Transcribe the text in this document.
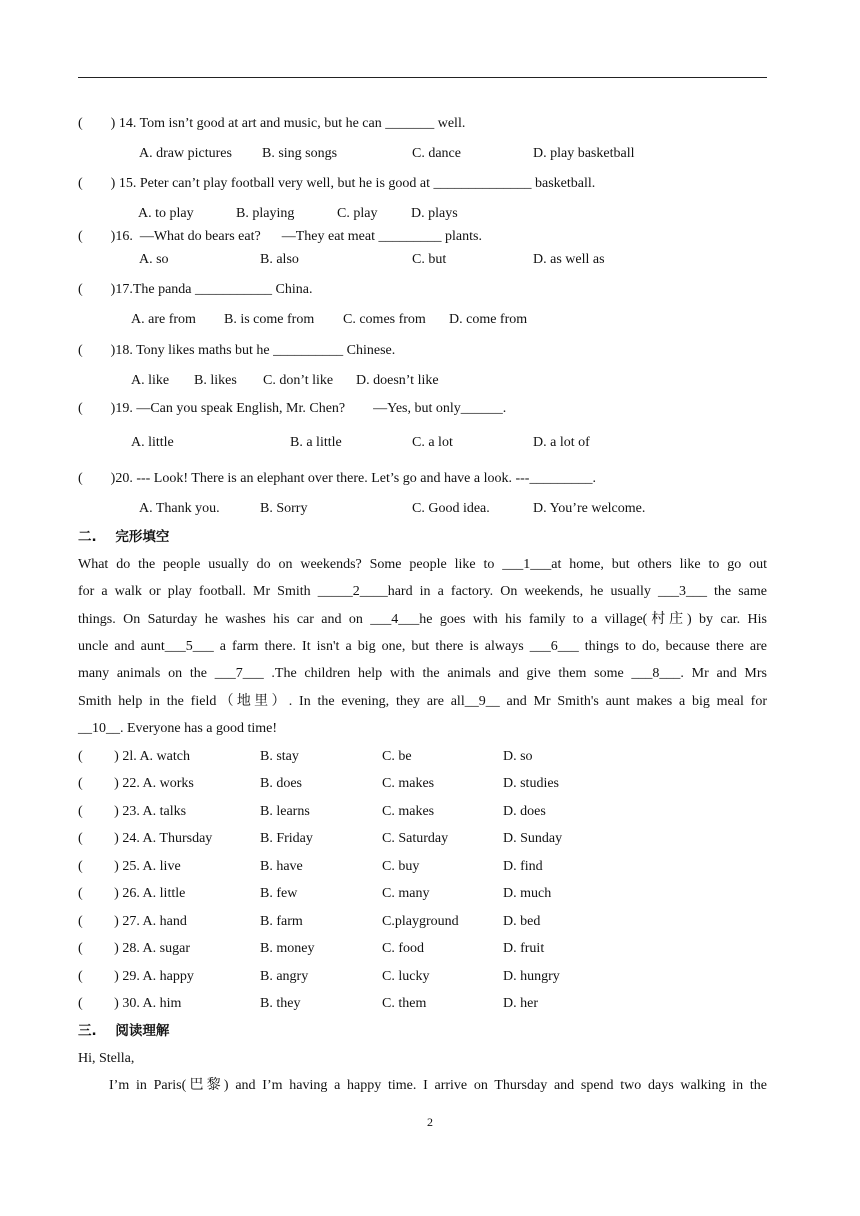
(        ) 14. Tom isn’t good at art and music, but he can _______ well.
A. draw pictures B. sing songs	C. dance	D. play basketball
(        ) 15. Peter can’t play football very well, but he is good at ______________ basketball.
A. to play	B. playing	C. play D. plays
(        )16.  —What do bears eat?      —They eat meat _________ plants.
A. so	B. also	C. but	D. as well as
(        )17.The panda ___________ China.
A. are from B. is come from C. comes from D. come from
(        )18. Tony likes maths but he __________ Chinese.
A. like B. likes C. don’t like D. doesn’t like
(        )19. —Can you speak English, Mr. Chen?        —Yes, but only______.
A. little	B. a little	C. a lot	D. a lot of
(        )20. --- Look! There is an elephant over there. Let’s go and have a look. ---_________.
A. Thank you.	B. Sorry	C. Good idea.	D. You’re welcome.
二.    完形填空
What do the people usually do on weekends? Some people like to ___1___at home, but others like to go out
for a walk or play football. Mr Smith _____2____hard in a factory. On weekends, he usually ___3___ the same
things. On Saturday he washes his car and on ___4___he goes with his family to a village(村庄) by car. His
uncle and aunt___5___ a farm there. It isn't a big one, but there is always ___6___ things to do, because there are
many animals on the ___7___ .The children help with the animals and give them some ___8___. Mr and Mrs
Smith help in the field（地里）. In the evening, they are all__9__ and Mr Smith's aunt makes a big meal for
__10__. Everyone has a good time!
(         ) 2l. A. watch	B. stay	C. be	D. so
(         ) 22. A. works	B. does	C. makes	D. studies
(         ) 23. A. talks	B. learns	C. makes	D. does
(         ) 24. A. Thursday	B. Friday	C. Saturday	D. Sunday
(         ) 25. A. live	B. have	C. buy	D. find
(         ) 26. A. little	B. few	C. many	D. much
(         ) 27. A. hand	B. farm	C.playground	D. bed
(         ) 28. A. sugar	B. money	C. food	D. fruit
(         ) 29. A. happy	B. angry	C. lucky	D. hungry
(         ) 30. A. him	B. they	C. them	D. her
三.    阅读理解
Hi, Stella,
I’m in Paris(巴黎) and I’m having a happy time. I arrive on Thursday and spend two days walking in the
2
